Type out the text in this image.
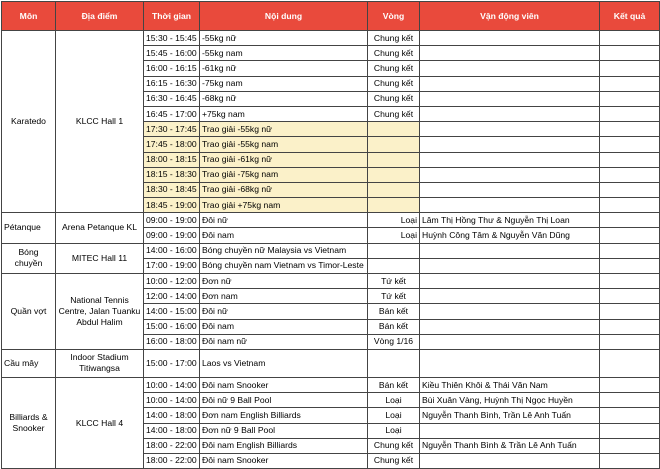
Môn	Địa điểm	Thời gian	Nội dung	Vòng	Vận động viên	Kết quả
Karatedo	KLCC Hall 1	15:30 - 15:45	-55kg nữ	Chung kết		
		15:45 - 16:00	-55kg nam	Chung kết		
		16:00 - 16:15	-61kg nữ	Chung kết		
		16:15 - 16:30	-75kg nam	Chung kết		
		16:30 - 16:45	-68kg nữ	Chung kết		
		16:45 - 17:00	+75kg nam	Chung kết		
		17:30 - 17:45	Trao giải -55kg nữ			
		17:45 - 18:00	Trao giải -55kg nam			
		18:00 - 18:15	Trao giải -61kg nữ			
		18:15 - 18:30	Trao giải -75kg nam			
		18:30 - 18:45	Trao giải -68kg nữ			
		18:45 - 19:00	Trao giải +75kg nam			
Pétanque	Arena Petanque KL	09:00 - 19:00	Đôi nữ	Loại	Lâm Thị Hồng Thư & Nguyễn Thị Loan	
		09:00 - 19:00	Đôi nam	Loại	Huỳnh Công Tâm & Nguyễn Văn Dũng	
Bóng chuyền	MITEC Hall 11	14:00 - 16:00	Bóng chuyền nữ Malaysia vs Vietnam			
		17:00 - 19:00	Bóng chuyền nam Vietnam vs Timor-Leste			
Quần vợt	National Tennis Centre, Jalan Tuanku Abdul Halim	10:00 - 12:00	Đơn nữ	Tứ kết		
		12:00 - 14:00	Đơn nam	Tứ kết		
		14:00 - 15:00	Đôi nữ	Bán kết		
		15:00 - 16:00	Đôi nam	Bán kết		
		16:00 - 18:00	Đôi nam nữ	Vòng 1/16		
Cầu mây	Indoor Stadium Titiwangsa	15:00 - 17:00	Laos vs Vietnam			
Billiards & Snooker	KLCC Hall 4	10:00 - 14:00	Đôi nam Snooker	Bán kết	Kiều Thiên Khôi & Thái Văn Nam	
		10:00 - 14:00	Đôi nữ 9 Ball Pool	Loại	Bùi Xuân Vàng, Huỳnh Thị Ngọc Huyền	
		14:00 - 18:00	Đơn nam English Billiards	Loại	Nguyễn Thanh Bình, Trần Lê Anh Tuấn	
		14:00 - 18:00	Đơn nữ 9 Ball Pool	Loại		
		18:00 - 22:00	Đôi nam English Billiards	Chung kết	Nguyễn Thanh Bình & Trần Lê Anh Tuấn	
		18:00 - 22:00	Đôi nam Snooker	Chung kết		
